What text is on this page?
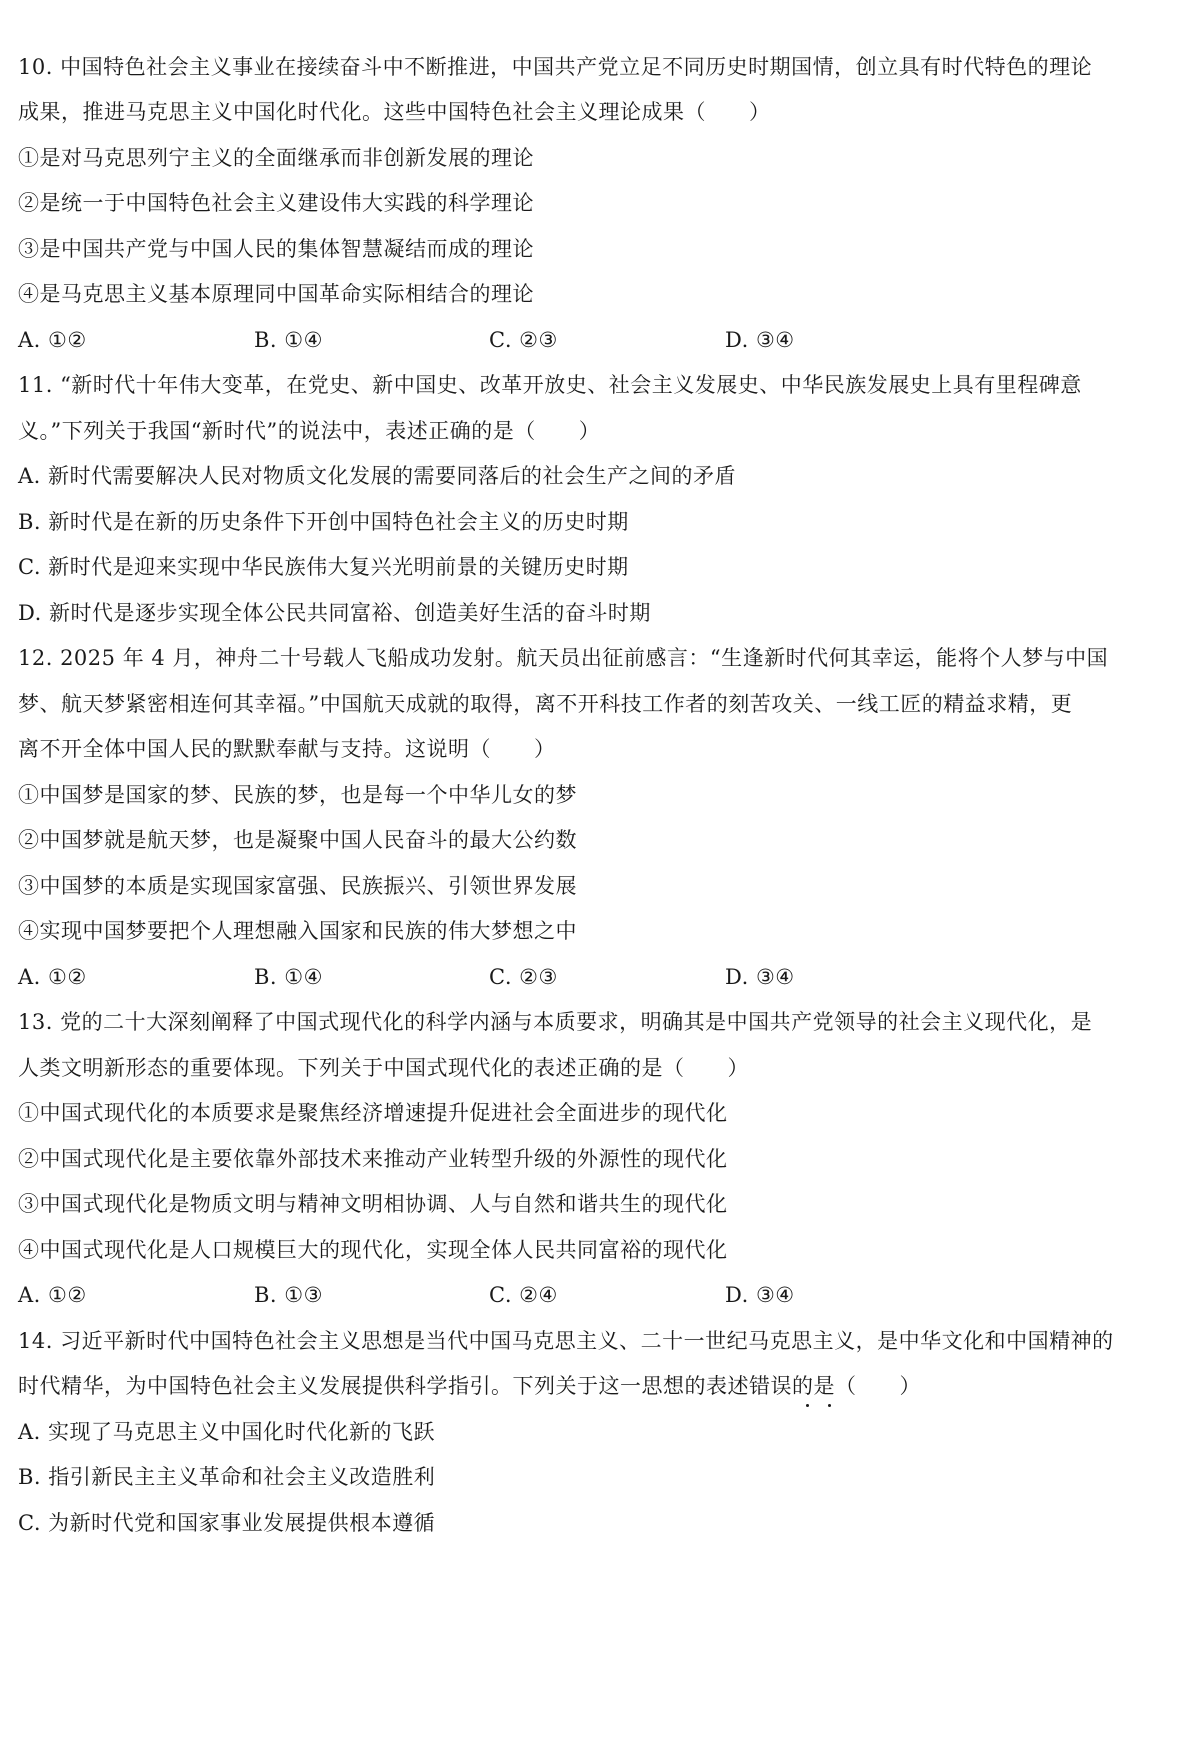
10. 中国特色社会主义事业在接续奋斗中不断推进，中国共产党立足不同历史时期国情，创立具有时代特色的理论
成果，推进马克思主义中国化时代化。这些中国特色社会主义理论成果（　　）
①是对马克思列宁主义的全面继承而非创新发展的理论
②是统一于中国特色社会主义建设伟大实践的科学理论
③是中国共产党与中国人民的集体智慧凝结而成的理论
④是马克思主义基本原理同中国革命实际相结合的理论
A. ①②	B. ①④	C. ②③	D. ③④
11. “新时代十年伟大变革，在党史、新中国史、改革开放史、社会主义发展史、中华民族发展史上具有里程碑意
义。”下列关于我国“新时代”的说法中，表述正确的是（　　）
A. 新时代需要解决人民对物质文化发展的需要同落后的社会生产之间的矛盾
B. 新时代是在新的历史条件下开创中国特色社会主义的历史时期
C. 新时代是迎来实现中华民族伟大复兴光明前景的关键历史时期
D. 新时代是逐步实现全体公民共同富裕、创造美好生活的奋斗时期
12. 2025 年 4 月，神舟二十号载人飞船成功发射。航天员出征前感言：“生逢新时代何其幸运，能将个人梦与中国
梦、航天梦紧密相连何其幸福。”中国航天成就的取得，离不开科技工作者的刻苦攻关、一线工匠的精益求精，更
离不开全体中国人民的默默奉献与支持。这说明（　　）
①中国梦是国家的梦、民族的梦，也是每一个中华儿女的梦
②中国梦就是航天梦，也是凝聚中国人民奋斗的最大公约数
③中国梦的本质是实现国家富强、民族振兴、引领世界发展
④实现中国梦要把个人理想融入国家和民族的伟大梦想之中
A. ①②	B. ①④	C. ②③	D. ③④
13. 党的二十大深刻阐释了中国式现代化的科学内涵与本质要求，明确其是中国共产党领导的社会主义现代化，是
人类文明新形态的重要体现。下列关于中国式现代化的表述正确的是（　　）
①中国式现代化的本质要求是聚焦经济增速提升促进社会全面进步的现代化
②中国式现代化是主要依靠外部技术来推动产业转型升级的外源性的现代化
③中国式现代化是物质文明与精神文明相协调、人与自然和谐共生的现代化
④中国式现代化是人口规模巨大的现代化，实现全体人民共同富裕的现代化
A. ①②	B. ①③	C. ②④	D. ③④
14. 习近平新时代中国特色社会主义思想是当代中国马克思主义、二十一世纪马克思主义，是中华文化和中国精神的
时代精华，为中国特色社会主义发展提供科学指引。下列关于这一思想的表述错误的是（　　）
A. 实现了马克思主义中国化时代化新的飞跃
B. 指引新民主主义革命和社会主义改造胜利
C. 为新时代党和国家事业发展提供根本遵循
